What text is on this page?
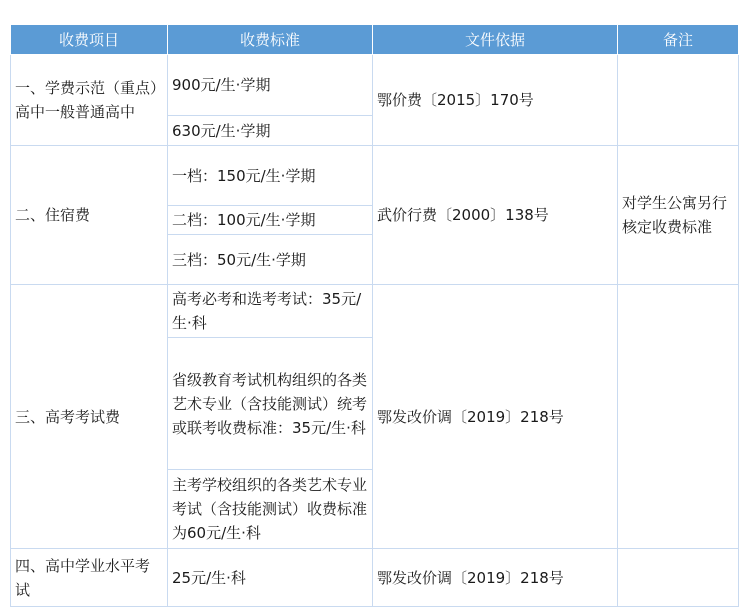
收费项目	收费标准	文件依据	备注
一、学费示范（重点）高中一般普通高中	900元/生·学期	鄂价费〔2015〕170号	
	630元/生·学期		
二、住宿费	一档：150元/生·学期	武价行费〔2000〕138号	对学生公寓另行核定收费标准
	二档：100元/生·学期		
	三档：50元/生·学期		
三、高考考试费	高考必考和选考考试：35元/生·科	鄂发改价调〔2019〕218号	
	省级教育考试机构组织的各类艺术专业（含技能测试）统考或联考收费标准：35元/生·科		
	主考学校组织的各类艺术专业考试（含技能测试）收费标准为60元/生·科		
四、高中学业水平考试	25元/生·科	鄂发改价调〔2019〕218号	
